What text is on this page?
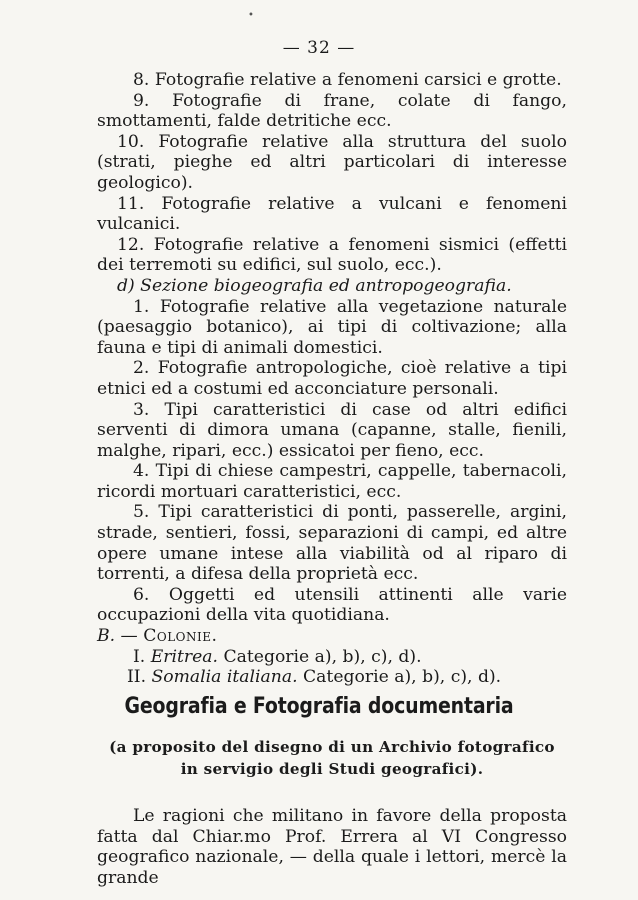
— 32 —

8. Fotografie relative a fenomeni carsici e grotte.

9. Fotografie di frane, colate di fango, smottamenti, falde detritiche ecc.

10. Fotografie relative alla struttura del suolo (strati, pieghe ed altri particolari di interesse geologico).

11. Fotografie relative a vulcani e fenomeni vulcanici.

12. Fotografie relative a fenomeni sismici (effetti dei terremoti su edifici, sul suolo, ecc.).

d) Sezione biogeografia ed antropogeografia.

1. Fotografie relative alla vegetazione naturale (paesaggio botanico), ai tipi di coltivazione; alla fauna e tipi di animali domestici.

2. Fotografie antropologiche, cioè relative a tipi etnici ed a costumi ed acconciature personali.

3. Tipi caratteristici di case od altri edifici serventi di dimora umana (capanne, stalle, fienili, malghe, ripari, ecc.) essicatoi per fieno, ecc.

4. Tipi di chiese campestri, cappelle, tabernacoli, ricordi mortuari caratteristici, ecc.

5. Tipi caratteristici di ponti, passerelle, argini, strade, sentieri, fossi, separazioni di campi, ed altre opere umane intese alla viabilità od al riparo di torrenti, a difesa della proprietà ecc.

6. Oggetti ed utensili attinenti alle varie occupazioni della vita quotidiana.

B. — Colonie.

I. Eritrea. Categorie a), b), c), d).

II. Somalia italiana. Categorie a), b), c), d).

Geografia e Fotografia documentaria
(a proposito del disegno di un Archivio fotografico
in servigio degli Studi geografici).

Le ragioni che militano in favore della proposta fatta dal Chiar.mo Prof. Errera al VI Congresso geografico nazionale, — della quale i lettori, mercè la grande

•
